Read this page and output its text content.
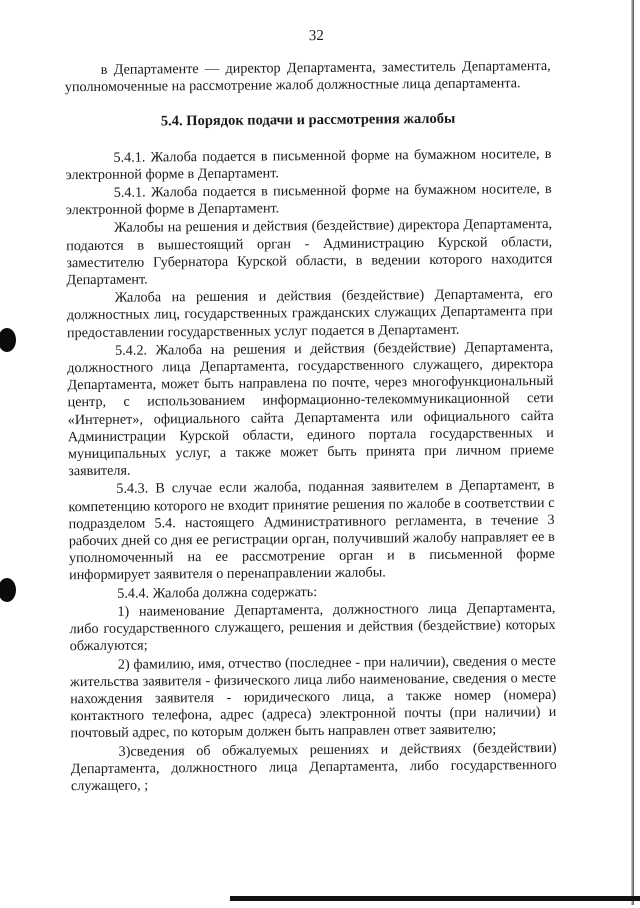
32

в Департаменте — директор Департамента, заместитель Департамента, уполномоченные на рассмотрение жалоб должностные лица департамента.

5.4. Порядок подачи и рассмотрения жалобы

5.4.1. Жалоба подается в письменной форме на бумажном носителе, в электронной форме в Департамент.

5.4.1. Жалоба подается в письменной форме на бумажном носителе, в электронной форме в Департамент.

Жалобы на решения и действия (бездействие) директора Департамента, подаются в вышестоящий орган - Администрацию Курской области, заместителю Губернатора Курской области, в ведении которого находится Департамент.

Жалоба на решения и действия (бездействие) Департамента, его должностных лиц, государственных гражданских служащих Департамента при предоставлении государственных услуг подается в Департамент.

5.4.2. Жалоба на решения и действия (бездействие) Департамента, должностного лица Департамента, государственного служащего, директора Департамента, может быть направлена по почте, через многофункциональный центр, с использованием информационно-телекоммуникационной сети «Интернет», официального сайта Департамента или официального сайта Администрации Курской области, единого портала государственных и муниципальных услуг, а также может быть принята при личном приеме заявителя.

5.4.3. В случае если жалоба, поданная заявителем в Департамент, в компетенцию которого не входит принятие решения по жалобе в соответствии с подразделом 5.4. настоящего Административного регламента, в течение 3 рабочих дней со дня ее регистрации орган, получивший жалобу направляет ее в уполномоченный на ее рассмотрение орган и в письменной форме информирует заявителя о перенаправлении жалобы.

5.4.4. Жалоба должна содержать:

1) наименование Департамента, должностного лица Департамента, либо государственного служащего, решения и действия (бездействие) которых обжалуются;

2) фамилию, имя, отчество (последнее - при наличии), сведения о месте жительства заявителя - физического лица либо наименование, сведения о месте нахождения заявителя - юридического лица, а также номер (номера) контактного телефона, адрес (адреса) электронной почты (при наличии) и почтовый адрес, по которым должен быть направлен ответ заявителю;

3)сведения об обжалуемых решениях и действиях (бездействии) Департамента, должностного лица Департамента, либо государственного служащего, ;
